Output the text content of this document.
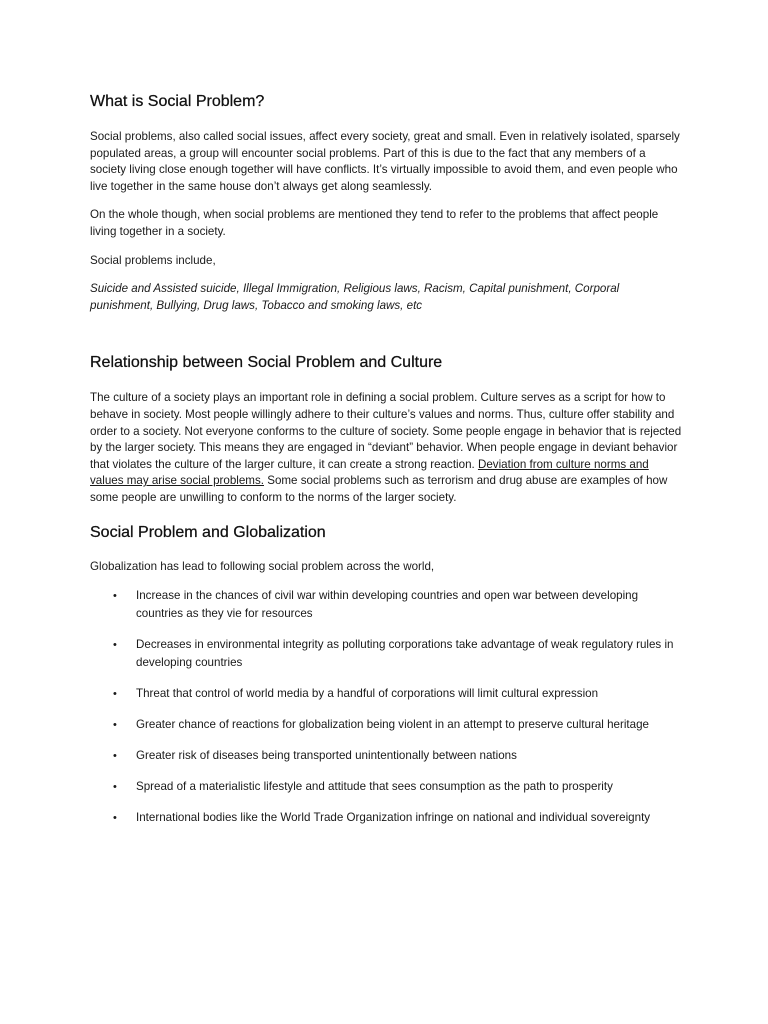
What is Social Problem?

Social problems, also called social issues, affect every society, great and small. Even in relatively isolated, sparsely populated areas, a group will encounter social problems. Part of this is due to the fact that any members of a society living close enough together will have conflicts. It’s virtually impossible to avoid them, and even people who live together in the same house don’t always get along seamlessly.

On the whole though, when social problems are mentioned they tend to refer to the problems that affect people living together in a society.

Social problems include,

Suicide and Assisted suicide, Illegal Immigration, Religious laws, Racism, Capital punishment, Corporal punishment, Bullying, Drug laws, Tobacco and smoking laws, etc

Relationship between Social Problem and Culture

The culture of a society plays an important role in defining a social problem. Culture serves as a script for how to behave in society. Most people willingly adhere to their culture’s values and norms. Thus, culture offer stability and order to a society. Not everyone conforms to the culture of society. Some people engage in behavior that is rejected by the larger society. This means they are engaged in “deviant” behavior. When people engage in deviant behavior that violates the culture of the larger culture, it can create a strong reaction. Deviation from culture norms and values may arise social problems. Some social problems such as terrorism and drug abuse are examples of how some people are unwilling to conform to the norms of the larger society.

Social Problem and Globalization

Globalization has lead to following social problem across the world,

• Increase in the chances of civil war within developing countries and open war between developing countries as they vie for resources
• Decreases in environmental integrity as polluting corporations take advantage of weak regulatory rules in developing countries
• Threat that control of world media by a handful of corporations will limit cultural expression
• Greater chance of reactions for globalization being violent in an attempt to preserve cultural heritage
• Greater risk of diseases being transported unintentionally between nations
• Spread of a materialistic lifestyle and attitude that sees consumption as the path to prosperity
• International bodies like the World Trade Organization infringe on national and individual sovereignty
